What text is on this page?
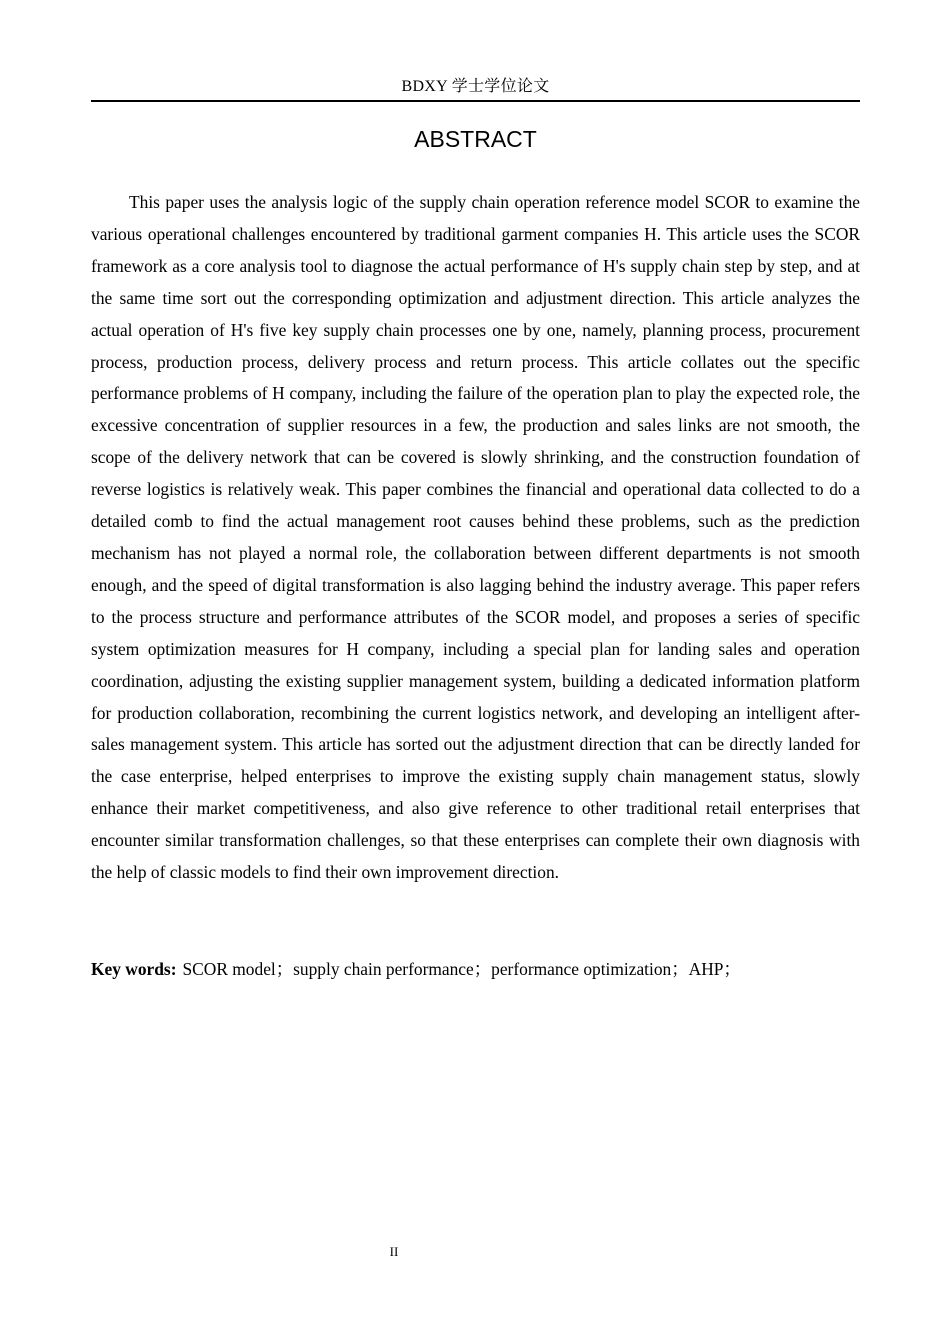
BDXY 学士学位论文
ABSTRACT

This paper uses the analysis logic of the supply chain operation reference model SCOR to examine the various operational challenges encountered by traditional garment companies H. This article uses the SCOR framework as a core analysis tool to diagnose the actual performance of H's supply chain step by step, and at the same time sort out the corresponding optimization and adjustment direction. This article analyzes the actual operation of H's five key supply chain processes one by one, namely, planning process, procurement process, production process, delivery process and return process. This article collates out the specific performance problems of H company, including the failure of the operation plan to play the expected role, the excessive concentration of supplier resources in a few, the production and sales links are not smooth, the scope of the delivery network that can be covered is slowly shrinking, and the construction foundation of reverse logistics is relatively weak. This paper combines the financial and operational data collected to do a detailed comb to find the actual management root causes behind these problems, such as the prediction mechanism has not played a normal role, the collaboration between different departments is not smooth enough, and the speed of digital transformation is also lagging behind the industry average. This paper refers to the process structure and performance attributes of the SCOR model, and proposes a series of specific system optimization measures for H company, including a special plan for landing sales and operation coordination, adjusting the existing supplier management system, building a dedicated information platform for production collaboration, recombining the current logistics network, and developing an intelligent after-sales management system. This article has sorted out the adjustment direction that can be directly landed for the case enterprise, helped enterprises to improve the existing supply chain management status, slowly enhance their market competitiveness, and also give reference to other traditional retail enterprises that encounter similar transformation challenges, so that these enterprises can complete their own diagnosis with the help of classic models to find their own improvement direction.

Key words: SCOR model；supply chain performance；performance optimization；AHP；

II
